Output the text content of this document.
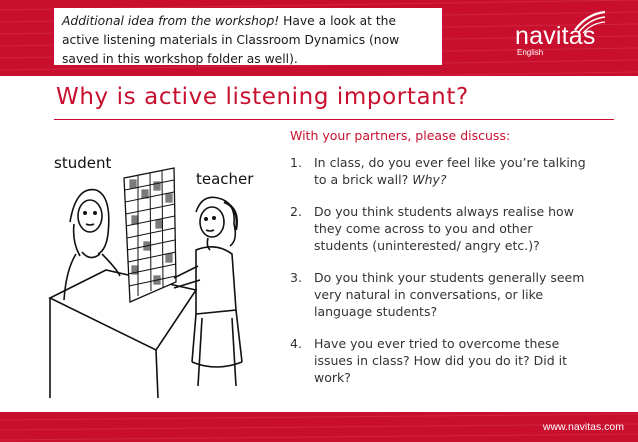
Additional idea from the workshop! Have a look at the active listening materials in Classroom Dynamics (now saved in this workshop folder as well).
navitas
English
Why is active listening important?
With your partners, please discuss:
1. In class, do you ever feel like you’re talking to a brick wall? Why?
2. Do you think students always realise how they come across to you and other students (uninterested/ angry etc.)?
3. Do you think your students generally seem very natural in conversations, or like language students?
4. Have you ever tried to overcome these issues in class? How did you do it? Did it work?
student
teacher
www.navitas.com
